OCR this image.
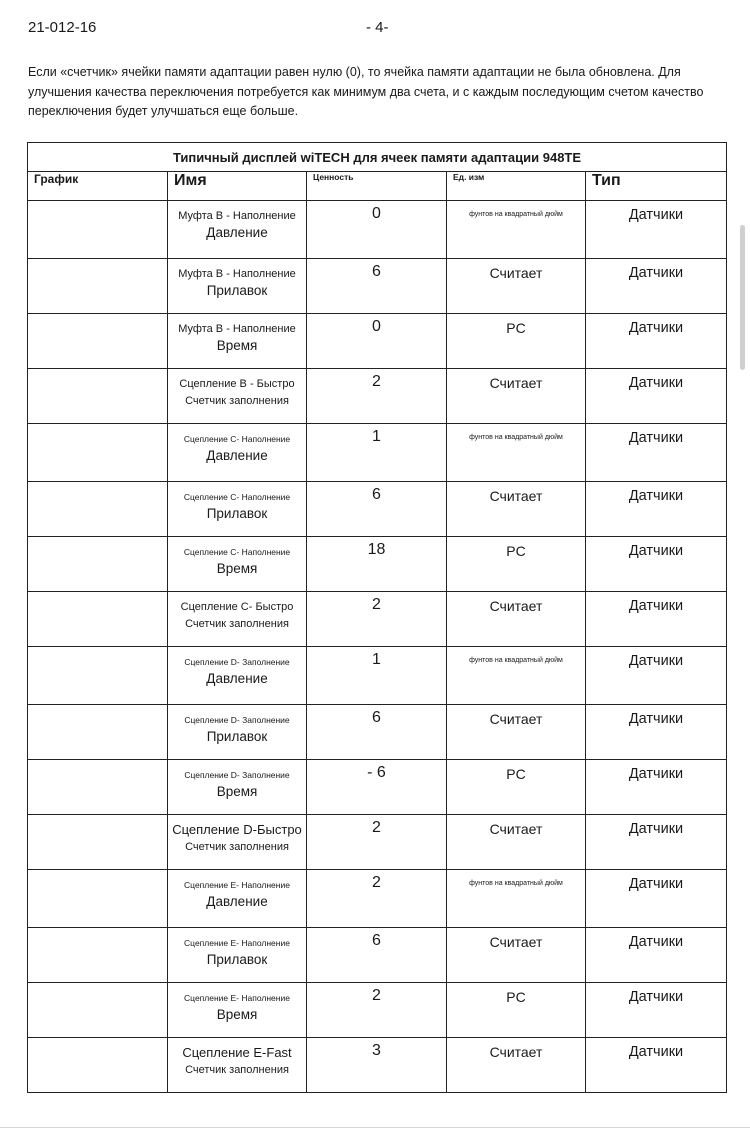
21-012-16	- 4-

Если «счетчик» ячейки памяти адаптации равен нулю (0), то ячейка памяти адаптации не была обновлена. Для улучшения качества переключения потребуется как минимум два счета, и с каждым последующим счетом качество переключения будет улучшаться еще больше.

Типичный дисплей wiTECH для ячеек памяти адаптации 948TE				
График	Имя	Ценность	Ед. изм	Тип

	Муфта B - Наполнение
Давление	0	фунтов на квадратный дюйм	Датчики

	Муфта B - Наполнение
Прилавок	6	Считает	Датчики

	Муфта B - Наполнение
Время	0	PC	Датчики

	Сцепление B - Быстро
Счетчик заполнения	2	Считает	Датчики

	Сцепление C- Наполнение
Давление	1	фунтов на квадратный дюйм	Датчики

	Сцепление C- Наполнение
Прилавок	6	Считает	Датчики

	Сцепление C- Наполнение
Время	18	PC	Датчики

	Сцепление C- Быстро
Счетчик заполнения	2	Считает	Датчики

	Сцепление D- Заполнение
Давление	1	фунтов на квадратный дюйм	Датчики

	Сцепление D- Заполнение
Прилавок	6	Считает	Датчики

	Сцепление D- Заполнение
Время	- 6	PC	Датчики

	Сцепление D-Быстро
Счетчик заполнения	2	Считает	Датчики

	Сцепление E- Наполнение
Давление	2	фунтов на квадратный дюйм	Датчики

	Сцепление E- Наполнение
Прилавок	6	Считает	Датчики

	Сцепление E- Наполнение
Время	2	PC	Датчики

	Сцепление E-Fast
Счетчик заполнения	3	Считает	Датчики
